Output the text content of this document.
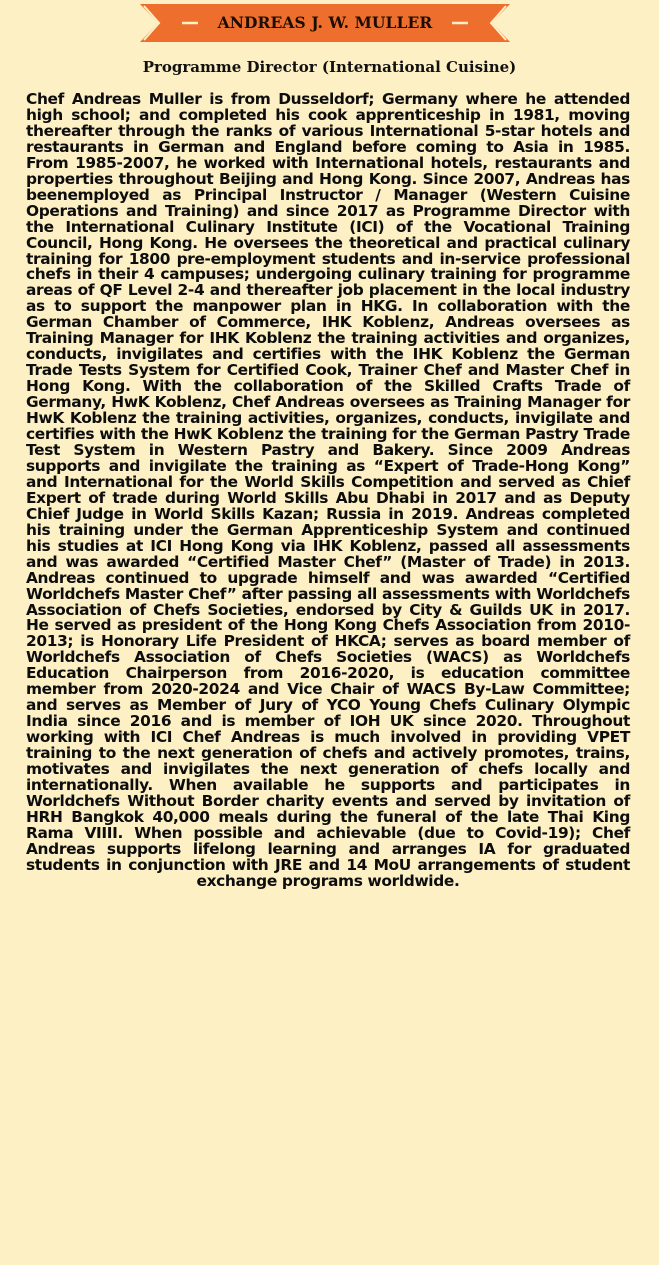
ANDREAS J. W. MULLER
Programme Director (International Cuisine)

Chef Andreas Muller is from Dusseldorf; Germany where he attended high school; and completed his cook apprenticeship in 1981, moving thereafter through the ranks of various International 5-star hotels and restaurants in German and England before coming to Asia in 1985. From 1985-2007, he worked with International hotels, restaurants and properties throughout Beijing and Hong Kong. Since 2007, Andreas has beenemployed as Principal Instructor / Manager (Western Cuisine Operations and Training) and since 2017 as Programme Director with the International Culinary Institute (ICI) of the Vocational Training Council, Hong Kong. He oversees the theoretical and practical culinary training for 1800 pre-employment students and in-service professional chefs in their 4 campuses; undergoing culinary training for programme areas of QF Level 2-4 and thereafter job placement in the local industry as to support the manpower plan in HKG. In collaboration with the German Chamber of Commerce, IHK Koblenz, Andreas oversees as Training Manager for IHK Koblenz the training activities and organizes, conducts, invigilates and certifies with the IHK Koblenz the German Trade Tests System for Certified Cook, Trainer Chef and Master Chef in Hong Kong. With the collaboration of the Skilled Crafts Trade of Germany, HwK Koblenz, Chef Andreas oversees as Training Manager for HwK Koblenz the training activities, organizes, conducts, invigilate and certifies with the HwK Koblenz the training for the German Pastry Trade Test System in Western Pastry and Bakery. Since 2009 Andreas supports and invigilate the training as “Expert of Trade-Hong Kong” and International for the World Skills Competition and served as Chief Expert of trade during World Skills Abu Dhabi in 2017 and as Deputy Chief Judge in World Skills Kazan; Russia in 2019. Andreas completed his training under the German Apprenticeship System and continued his studies at ICI Hong Kong via IHK Koblenz, passed all assessments and was awarded “Certified Master Chef” (Master of Trade) in 2013. Andreas continued to upgrade himself and was awarded “Certified Worldchefs Master Chef” after passing all assessments with Worldchefs Association of Chefs Societies, endorsed by City & Guilds UK in 2017. He served as president of the Hong Kong Chefs Association from 2010-2013; is Honorary Life President of HKCA; serves as board member of Worldchefs Association of Chefs Societies (WACS) as Worldchefs Education Chairperson from 2016-2020, is education committee member from 2020-2024 and Vice Chair of WACS By-Law Committee; and serves as Member of Jury of YCO Young Chefs Culinary Olympic India since 2016 and is member of IOH UK since 2020. Throughout working with ICI Chef Andreas is much involved in providing VPET training to the next generation of chefs and actively promotes, trains, motivates and invigilates the next generation of chefs locally and internationally. When available he supports and participates in Worldchefs Without Border charity events and served by invitation of HRH Bangkok 40,000 meals during the funeral of the late Thai King Rama VIIII. When possible and achievable (due to Covid-19); Chef Andreas supports lifelong learning and arranges IA for graduated students in conjunction with JRE and 14 MoU arrangements of student exchange programs worldwide.
